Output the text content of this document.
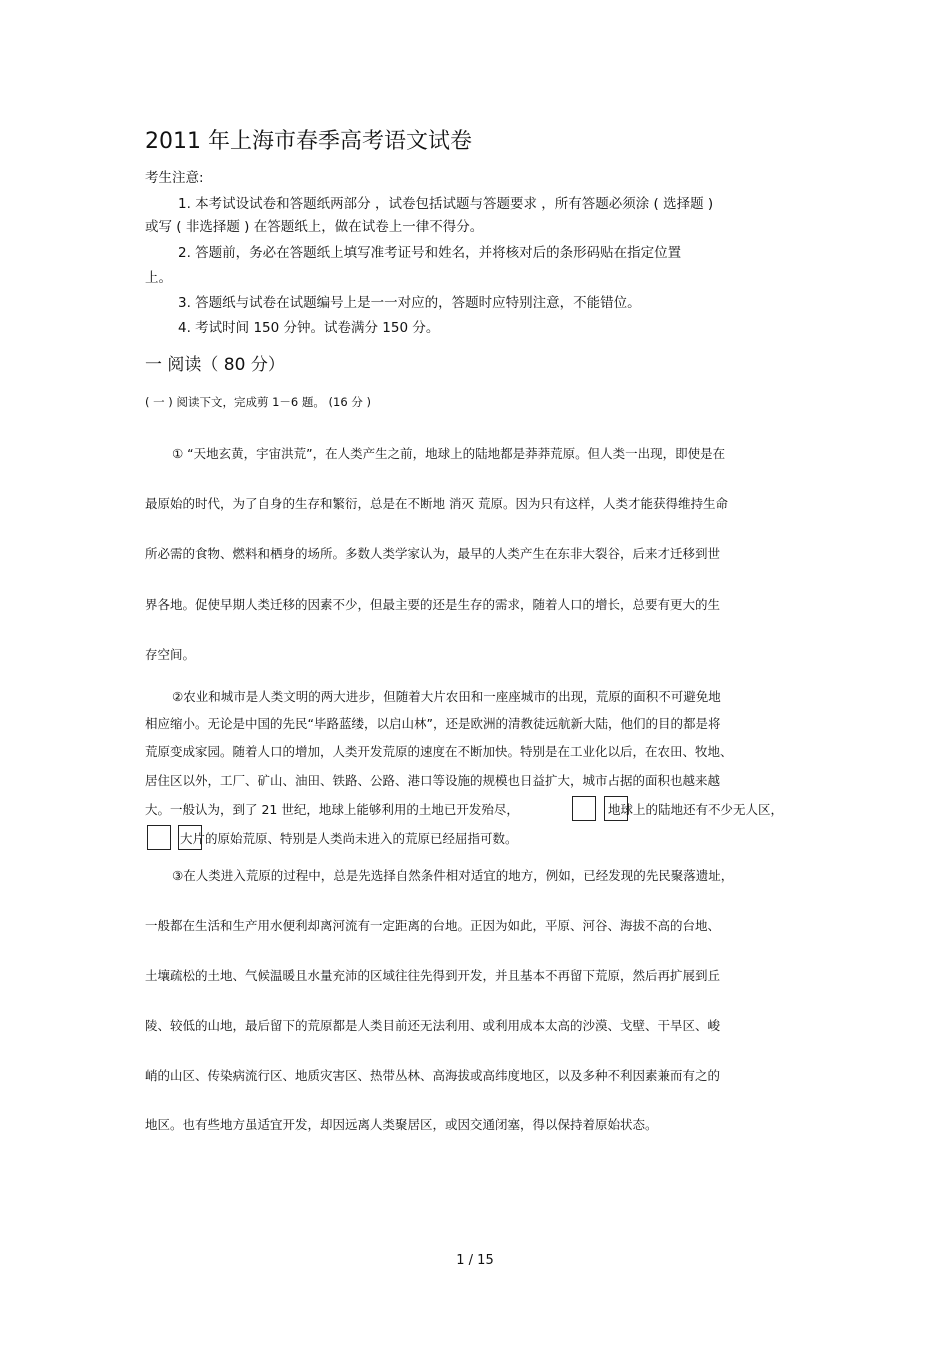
2011 年上海市春季高考语文试卷
考生注意:
1. 本考试设试卷和答题纸两部分 ，试卷包括试题与答题要求 ，所有答题必须涂 ( 选择题 )
或写 ( 非选择题 ) 在答题纸上，做在试卷上一律不得分。
2. 答题前，务必在答题纸上填写准考证号和姓名，并将核对后的条形码贴在指定位置
上。
3. 答题纸与试卷在试题编号上是一一对应的，答题时应特别注意，不能错位。
4. 考试时间 150 分钟。试卷满分 150 分。
一 阅读（ 80 分）
( 一 ) 阅读下文，完成剪 1－6 题。 (16 分 )
① “天地玄黄，宇宙洪荒”，在人类产生之前，地球上的陆地都是莽莽荒原。但人类一出现，即使是在
最原始的时代，为了自身的生存和繁衍，总是在不断地 消灭 荒原。因为只有这样，人类才能获得维持生命
所必需的食物、燃料和栖身的场所。多数人类学家认为，最早的人类产生在东非大裂谷，后来才迁移到世
界各地。促使早期人类迁移的因素不少，但最主要的还是生存的需求，随着人口的增长，总要有更大的生
存空间。
②农业和城市是人类文明的两大进步，但随着大片农田和一座座城市的出现，荒原的面积不可避免地
相应缩小。无论是中国的先民“毕路蓝缕，以启山林”，还是欧洲的清教徒远航新大陆，他们的目的都是将
荒原变成家园。随着人口的增加，人类开发荒原的速度在不断加快。特别是在工业化以后，在农田、牧地、
居住区以外，工厂、矿山、油田、铁路、公路、港口等设施的规模也日益扩大，城市占据的面积也越来越
大。一般认为，到了 21 世纪，地球上能够利用的土地已开发殆尽，	地球上的陆地还有不少无人区，
大片的原始荒原、特别是人类尚未进入的荒原已经屈指可数。
③在人类进入荒原的过程中，总是先选择自然条件相对适宜的地方，例如，已经发现的先民聚落遗址，
一般都在生活和生产用水便利却离河流有一定距离的台地。正因为如此，平原、河谷、海拔不高的台地、
土壤疏松的土地、气候温暖且水量充沛的区域往往先得到开发，并且基本不再留下荒原，然后再扩展到丘
陵、较低的山地，最后留下的荒原都是人类目前还无法利用、或利用成本太高的沙漠、戈壁、干旱区、峻
峭的山区、传染病流行区、地质灾害区、热带丛林、高海拔或高纬度地区，以及多种不利因素兼而有之的
地区。也有些地方虽适宜开发，却因远离人类聚居区，或因交通闭塞，得以保持着原始状态。
1 / 15
